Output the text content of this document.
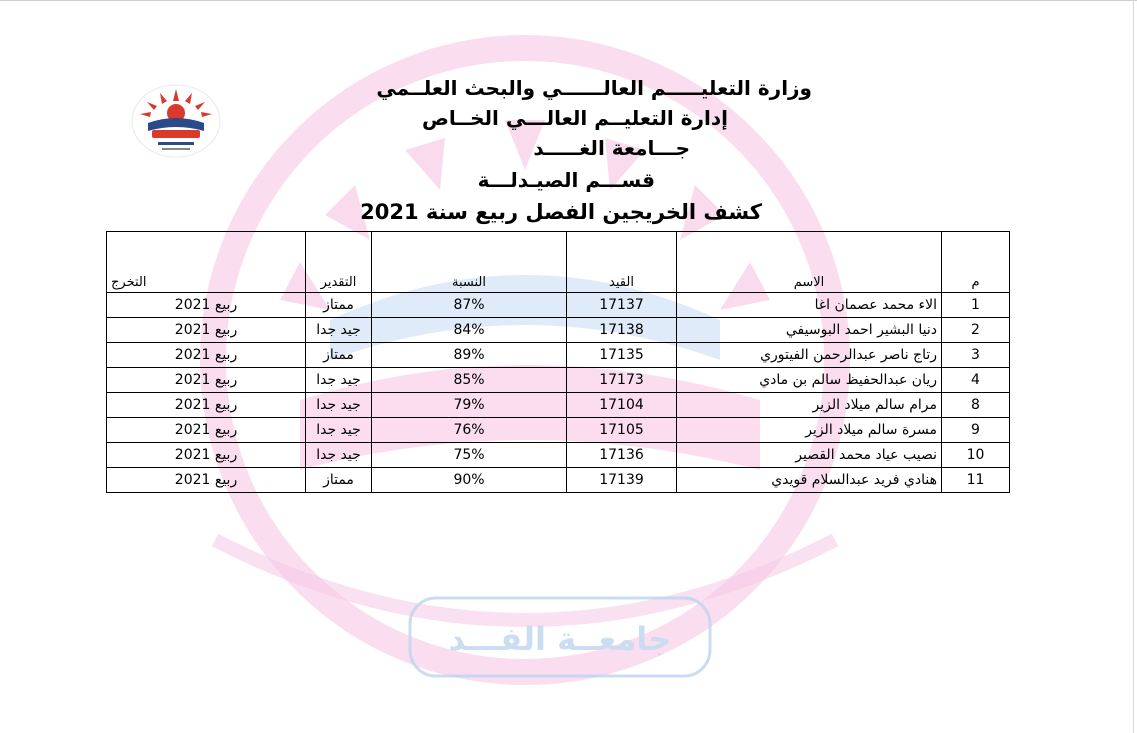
جامعــة الفـــد
وزارة التعليـــــم العالــــــي والبحث العلــمي
إدارة التعليــم العالـــي الخــاص
جـــامعة الغـــــد
قســـم الصيـدلـــة
كشف الخريجين الفصل ربيع سنة 2021
م	الاسم	القيد	النسبة	التقدير	التخرج
1	الاء محمد عصمان اغا	17137	87%	ممتاز	ربيع 2021
2	دنيا البشير احمد البوسيفي	17138	84%	جيد جدا	ربيع 2021
3	رتاج ناصر عبدالرحمن الفيتوري	17135	89%	ممتاز	ربيع 2021
4	ريان عبدالحفيظ سالم بن مادي	17173	85%	جيد جدا	ربيع 2021
8	مرام سالم ميلاد الزير	17104	79%	جيد جدا	ربيع 2021
9	مسرة سالم ميلاد الزير	17105	76%	جيد جدا	ربيع 2021
10	نصيب عياد محمد القصير	17136	75%	جيد جدا	ربيع 2021
11	هنادي فريد عبدالسلام قويدي	17139	90%	ممتاز	ربيع 2021
